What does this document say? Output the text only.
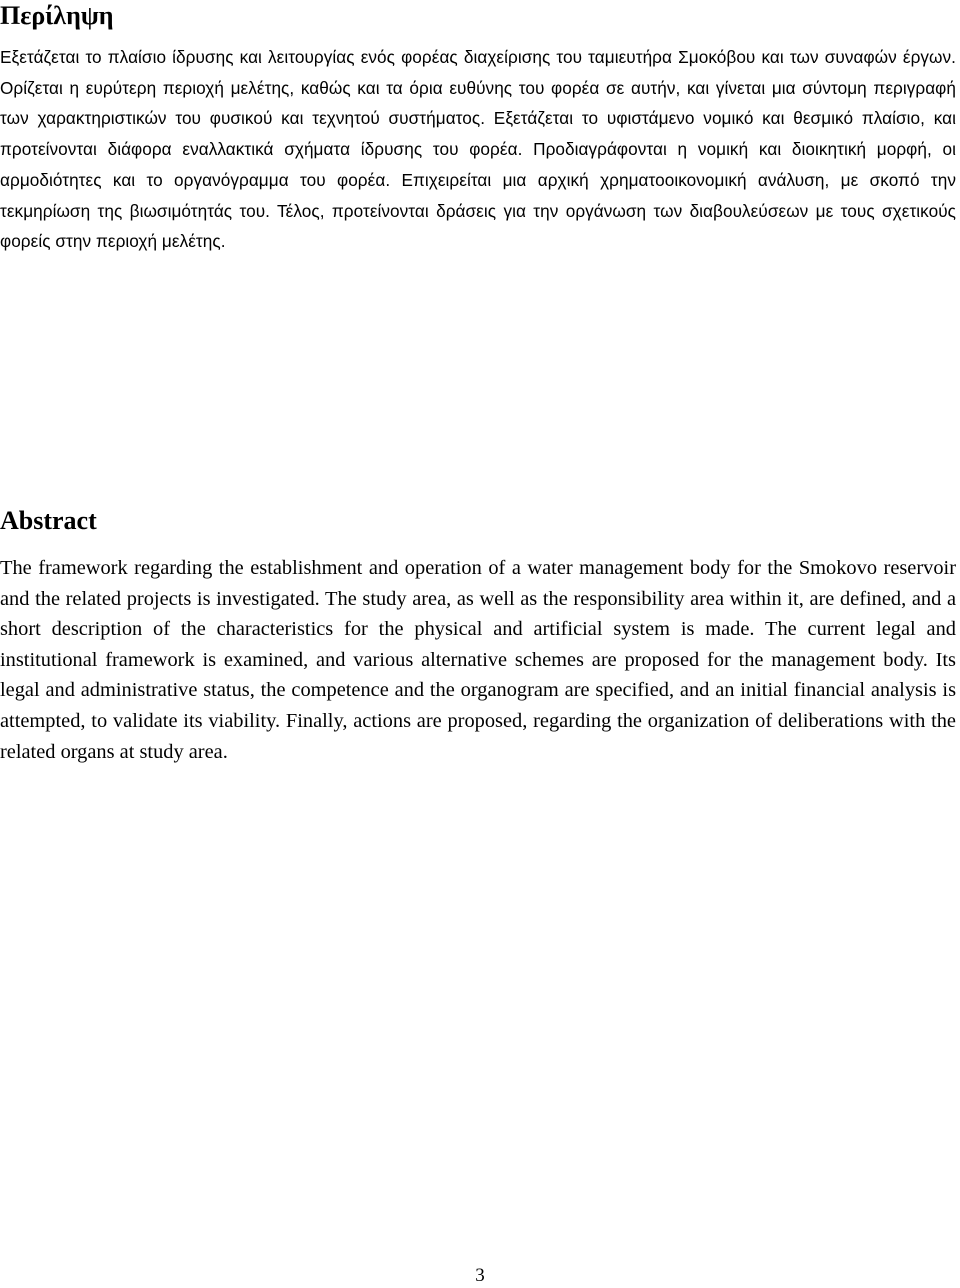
Περίληψη

Εξετάζεται το πλαίσιο ίδρυσης και λειτουργίας ενός φορέας διαχείρισης του ταμιευτήρα Σμοκόβου και των συναφών έργων. Ορίζεται η ευρύτερη περιοχή μελέτης, καθώς και τα όρια ευθύνης του φορέα σε αυτήν, και γίνεται μια σύντομη περιγραφή των χαρακτηριστικών του φυσικού και τεχνητού συστήματος. Εξετάζεται το υφιστάμενο νομικό και θεσμικό πλαίσιο, και προτείνονται διάφορα εναλλακτικά σχήματα ίδρυσης του φορέα. Προδιαγράφονται η νομική και διοικητική μορφή, οι αρμοδιότητες και το οργανόγραμμα του φορέα. Επιχειρείται μια αρχική χρηματοοικονομική ανάλυση, με σκοπό την τεκμηρίωση της βιωσιμότητάς του. Τέλος, προτείνονται δράσεις για την οργάνωση των διαβουλεύσεων με τους σχετικούς φορείς στην περιοχή μελέτης.

Abstract

The framework regarding the establishment and operation of a water management body for the Smokovo reservoir and the related projects is investigated. The study area, as well as the responsibility area within it, are defined, and a short description of the characteristics for the physical and artificial system is made. The current legal and institutional framework is examined, and various alternative schemes are proposed for the management body. Its legal and administrative status, the competence and the organogram are specified, and an initial financial analysis is attempted, to validate its viability. Finally, actions are proposed, regarding the organization of deliberations with the related organs at study area.

3
